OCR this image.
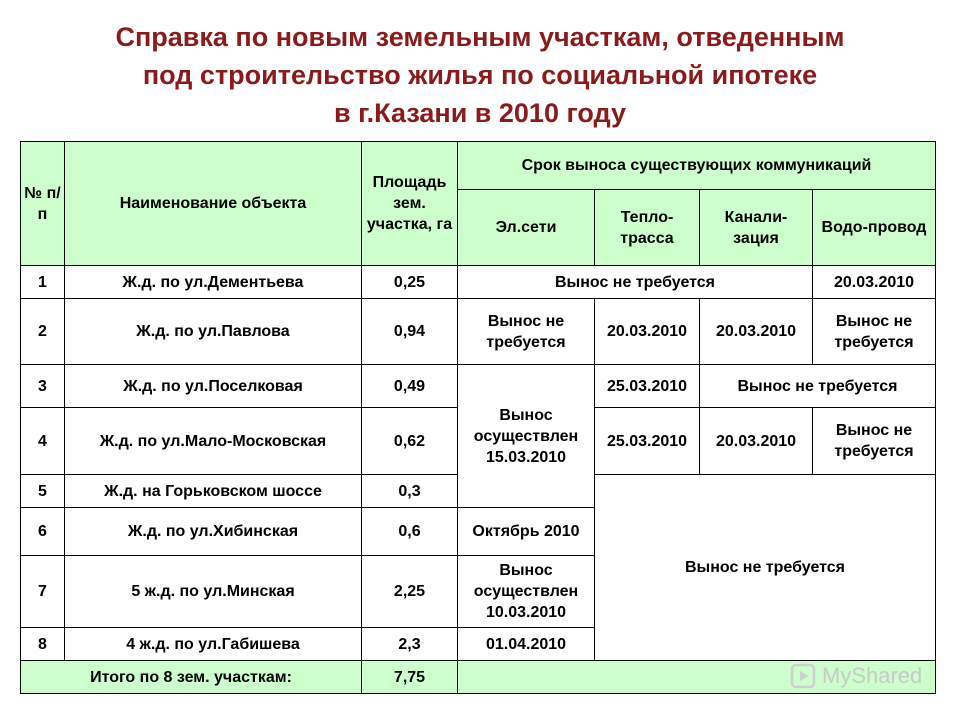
Справка по новым земельным участкам, отведенным
под строительство жилья по социальной ипотеке
в г.Казани в 2010 году
№ п/п	Наименование объекта	Площадь зем. участка, га	Срок выноса существующих коммуникаций			
			Эл.сети	Тепло-трасса	Канали-зация	Водо-провод
1	Ж.д. по ул.Дементьева	0,25	Вынос не требуется			20.03.2010
2	Ж.д. по ул.Павлова	0,94	Вынос не требуется	20.03.2010	20.03.2010	Вынос не требуется
3	Ж.д. по ул.Поселковая	0,49	Вынос осуществлен 15.03.2010	25.03.2010	Вынос не требуется	
4	Ж.д. по ул.Мало-Московская	0,62		25.03.2010	20.03.2010	Вынос не требуется
5	Ж.д. на Горьковском шоссе	0,3		Вынос не требуется		
6	Ж.д. по ул.Хибинская	0,6	Октябрь 2010			
7	5 ж.д. по ул.Минская	2,25	Вынос осуществлен 10.03.2010			
8	4 ж.д. по ул.Габишева	2,3	01.04.2010			
Итого по 8 зем. участкам:		7,75					MyShared
